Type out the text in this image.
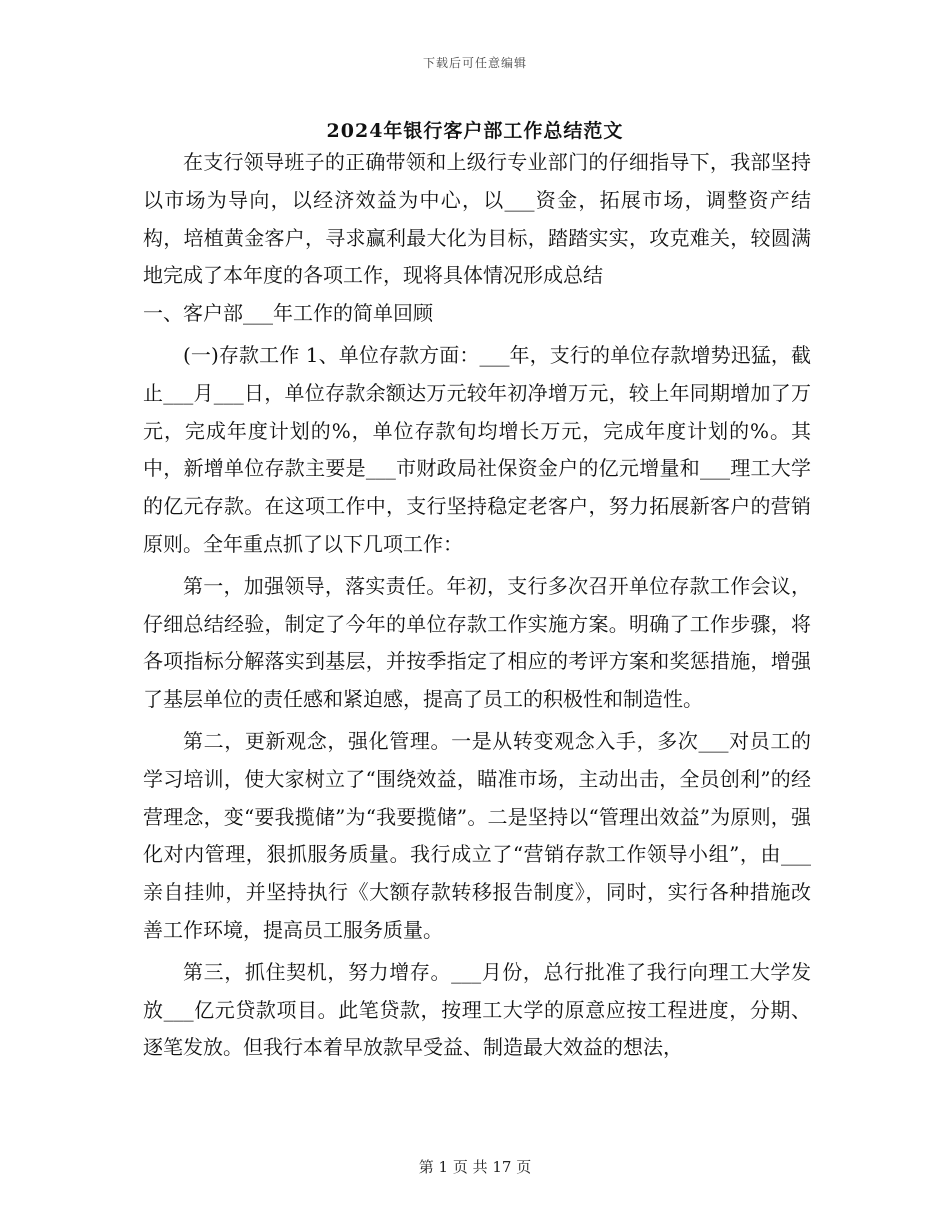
下载后可任意编辑
2024年银行客户部工作总结范文

在支行领导班子的正确带领和上级行专业部门的仔细指导下，我部坚持以市场为导向，以经济效益为中心，以___资金，拓展市场，调整资产结构，培植黄金客户，寻求赢利最大化为目标，踏踏实实，攻克难关，较圆满地完成了本年度的各项工作，现将具体情况形成总结

一、客户部___年工作的简单回顾

(一)存款工作 1、单位存款方面：___年，支行的单位存款增势迅猛，截止___月___日，单位存款余额达万元较年初净增万元，较上年同期增加了万元，完成年度计划的%，单位存款旬均增长万元，完成年度计划的%。其中，新增单位存款主要是___市财政局社保资金户的亿元增量和___理工大学的亿元存款。在这项工作中，支行坚持稳定老客户，努力拓展新客户的营销原则。全年重点抓了以下几项工作：

第一，加强领导，落实责任。年初，支行多次召开单位存款工作会议，仔细总结经验，制定了今年的单位存款工作实施方案。明确了工作步骤，将各项指标分解落实到基层，并按季指定了相应的考评方案和奖惩措施，增强了基层单位的责任感和紧迫感，提高了员工的积极性和制造性。

第二，更新观念，强化管理。一是从转变观念入手，多次___对员工的学习培训，使大家树立了“围绕效益，瞄准市场，主动出击，全员创利”的经营理念，变“要我揽储”为“我要揽储”。二是坚持以“管理出效益”为原则，强化对内管理，狠抓服务质量。我行成立了“营销存款工作领导小组”，由___亲自挂帅，并坚持执行《大额存款转移报告制度》，同时，实行各种措施改善工作环境，提高员工服务质量。

第三，抓住契机，努力增存。___月份，总行批准了我行向理工大学发放___亿元贷款项目。此笔贷款，按理工大学的原意应按工程进度，分期、逐笔发放。但我行本着早放款早受益、制造最大效益的想法，

第 1 页 共 17 页
